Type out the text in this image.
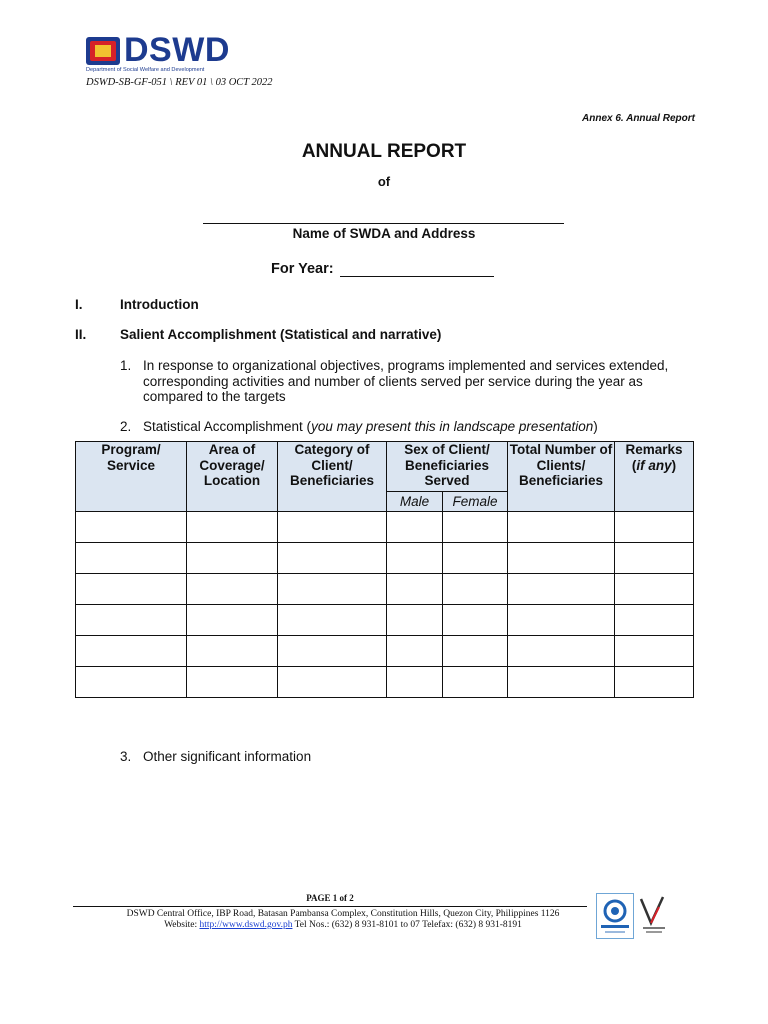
DSWD
Department of Social Welfare and Development
DSWD-SB-GF-051 \ REV 01 \ 03 OCT 2022
Annex 6. Annual Report
ANNUAL REPORT
of
Name of SWDA and Address
For Year:
I.	Introduction
II. Salient Accomplishment (Statistical and narrative)
1. In response to organizational objectives, programs implemented and services extended, corresponding activities and number of clients served per service during the year as compared to the targets
2. Statistical Accomplishment (you may present this in landscape presentation)
Program/ Service	Area of Coverage/ Location	Category of Client/ Beneficiaries	Sex of Client/ Beneficiaries Served		Total Number of Clients/ Beneficiaries	Remarks
(if any)
			Male	Female		

3. Other significant information
PAGE 1 of 2
DSWD Central Office, IBP Road, Batasan Pambansa Complex, Constitution Hills, Quezon City, Philippines 1126
Website: http://www.dswd.gov.ph Tel Nos.: (632) 8 931-8101 to 07 Telefax: (632) 8 931-8191
